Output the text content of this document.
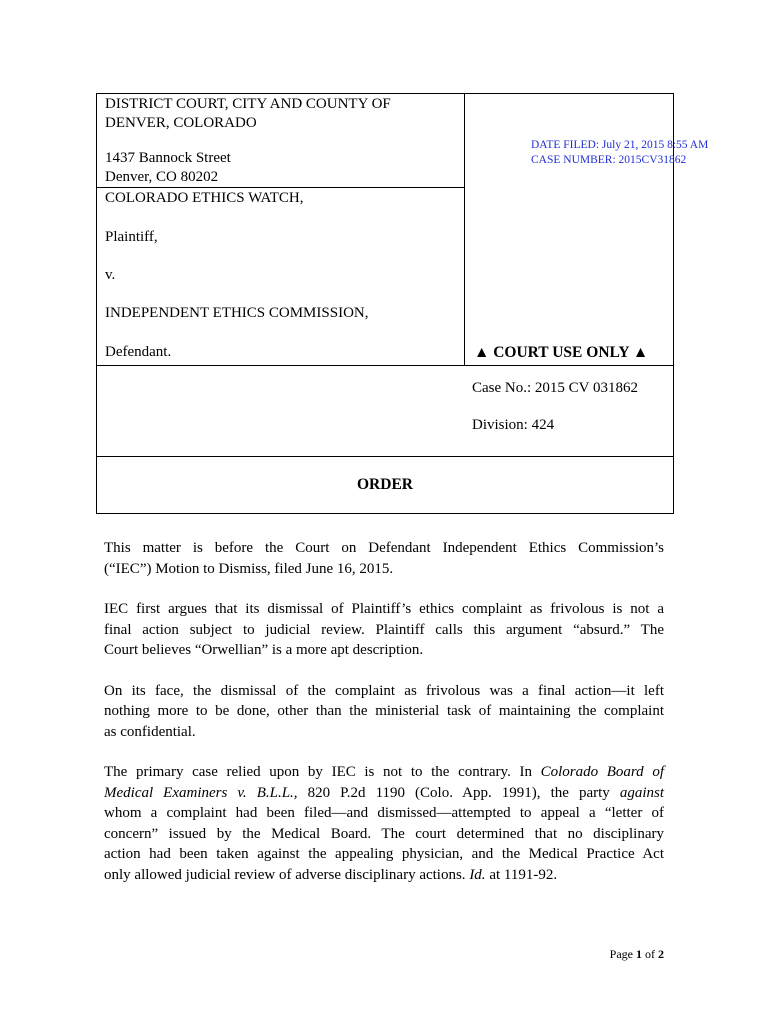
DISTRICT COURT, CITY AND COUNTY OF
DENVER, COLORADO
1437 Bannock Street
Denver, CO 80202
COLORADO ETHICS WATCH,
Plaintiff,
v.
INDEPENDENT ETHICS COMMISSION,
Defendant.
DATE FILED: July 21, 2015 8:55 AM
CASE NUMBER: 2015CV31862
▲ COURT USE ONLY ▲
Case No.: 2015 CV 031862
Division: 424
ORDER
This matter is before the Court on Defendant Independent Ethics Commission’s
(“IEC”) Motion to Dismiss, filed June 16, 2015.
IEC first argues that its dismissal of Plaintiff’s ethics complaint as frivolous is not a
final action subject to judicial review. Plaintiff calls this argument “absurd.” The
Court believes “Orwellian” is a more apt description.
On its face, the dismissal of the complaint as frivolous was a final action—it left
nothing more to be done, other than the ministerial task of maintaining the complaint
as confidential.
The primary case relied upon by IEC is not to the contrary. In Colorado Board of
Medical Examiners v. B.L.L., 820 P.2d 1190 (Colo. App. 1991), the party against
whom a complaint had been filed—and dismissed—attempted to appeal a “letter of
concern” issued by the Medical Board. The court determined that no disciplinary
action had been taken against the appealing physician, and the Medical Practice Act
only allowed judicial review of adverse disciplinary actions. Id. at 1191-92.
Page 1 of 2
